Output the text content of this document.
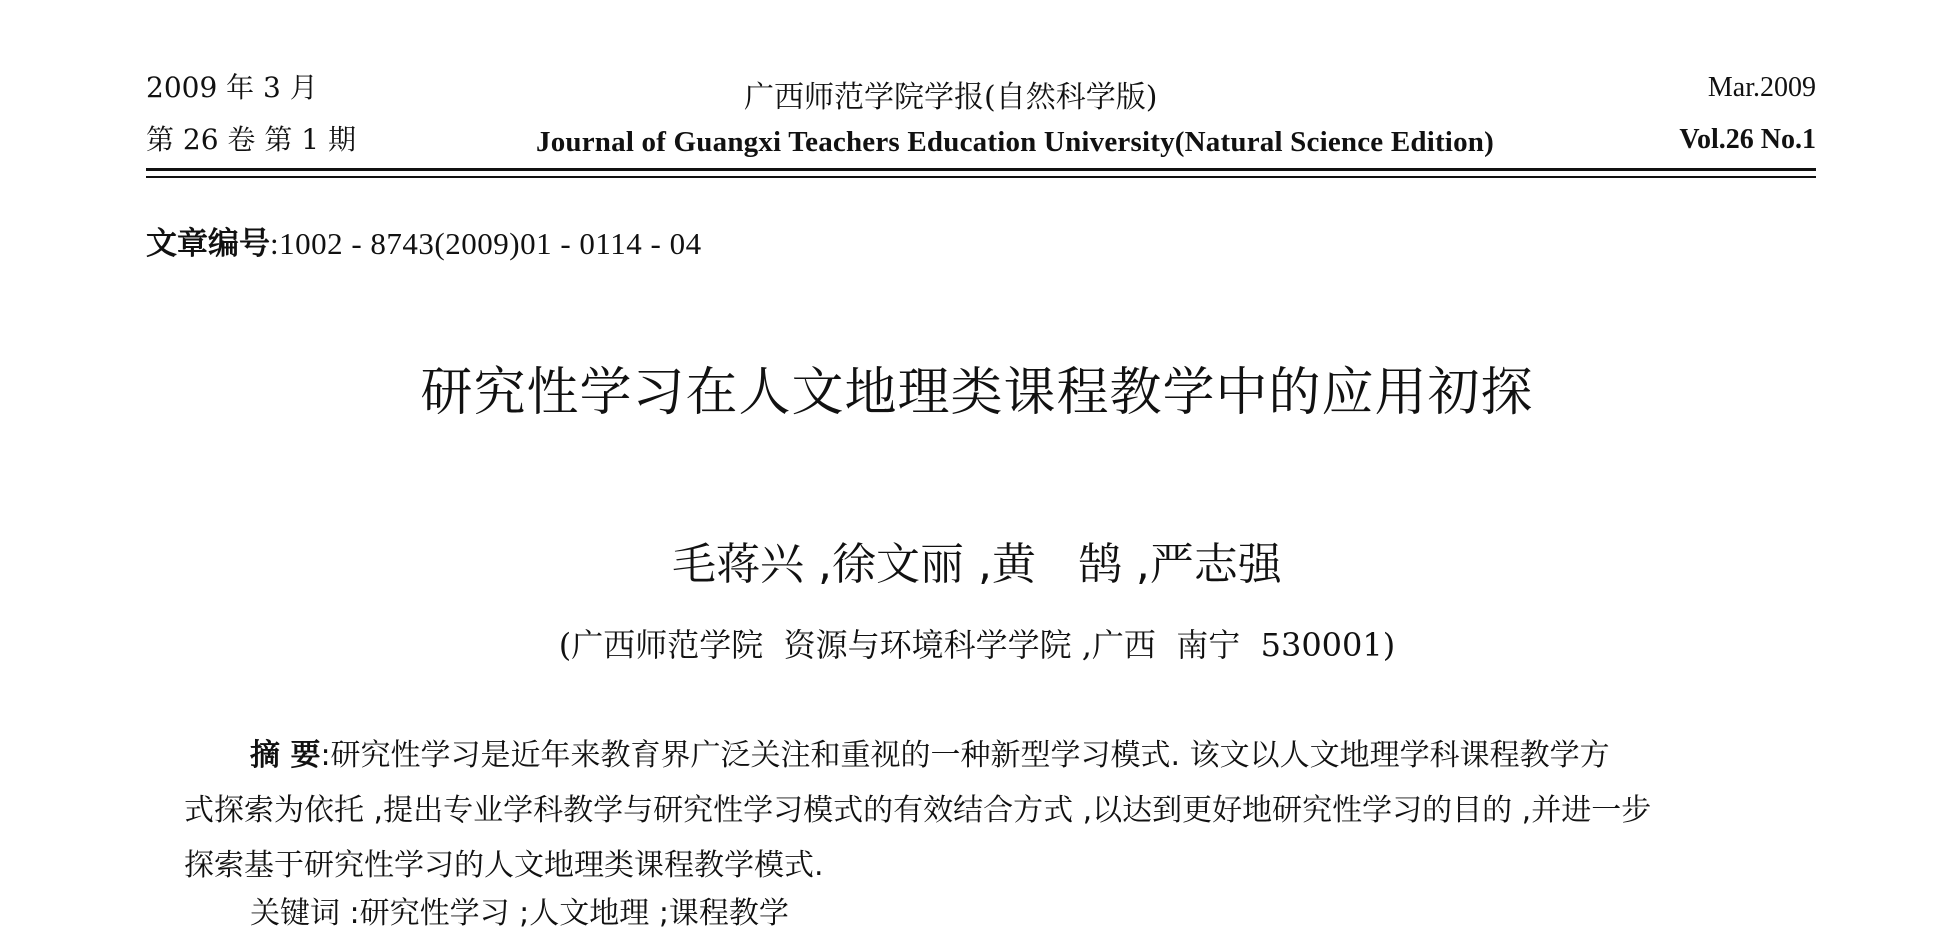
2009 年 3 月	广西师范学院学报(自然科学版)	Mar.2009
第 26 卷 第 1 期	Journal of Guangxi Teachers Education University(Natural Science Edition)	Vol.26 No.1
文章编号:1002 - 8743(2009)01 - 0114 - 04
研究性学习在人文地理类课程教学中的应用初探
毛蒋兴 ,徐文丽 ,黄   鹄 ,严志强
(广西师范学院  资源与环境科学学院 ,广西  南宁  530001)
摘 要:研究性学习是近年来教育界广泛关注和重视的一种新型学习模式. 该文以人文地理学科课程教学方
式探索为依托 ,提出专业学科教学与研究性学习模式的有效结合方式 ,以达到更好地研究性学习的目的 ,并进一步
探索基于研究性学习的人文地理类课程教学模式.
关键词 :研究性学习 ;人文地理 ;课程教学
